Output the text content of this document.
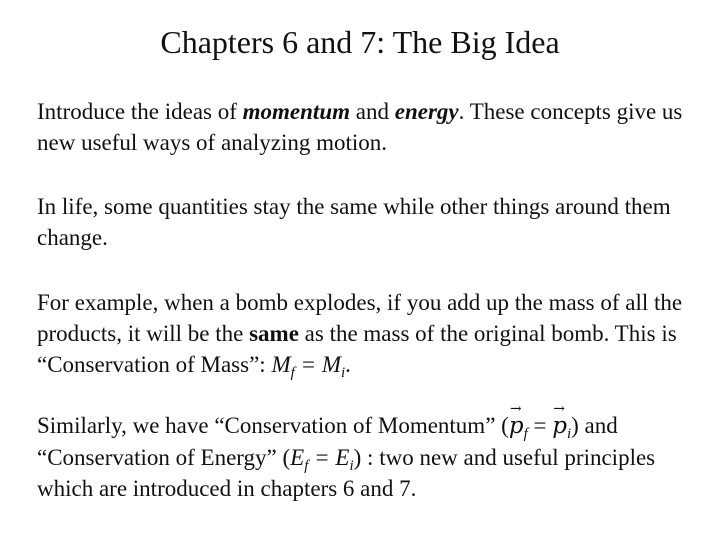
Chapters 6 and 7: The Big Idea
Introduce the ideas of momentum and energy. These concepts give us new useful ways of analyzing motion.
In life, some quantities stay the same while other things around them change.
For example, when a bomb explodes, if you add up the mass of all the products, it will be the same as the mass of the original bomb. This is “Conservation of Mass”: $M_f = M_i$.
Similarly, we have “Conservation of Momentum” (
→
$p_f$ =
→
$p_i$) and “Conservation of Energy” $(E_f = E_i)$ : two new and useful principles which are introduced in chapters 6 and 7.
